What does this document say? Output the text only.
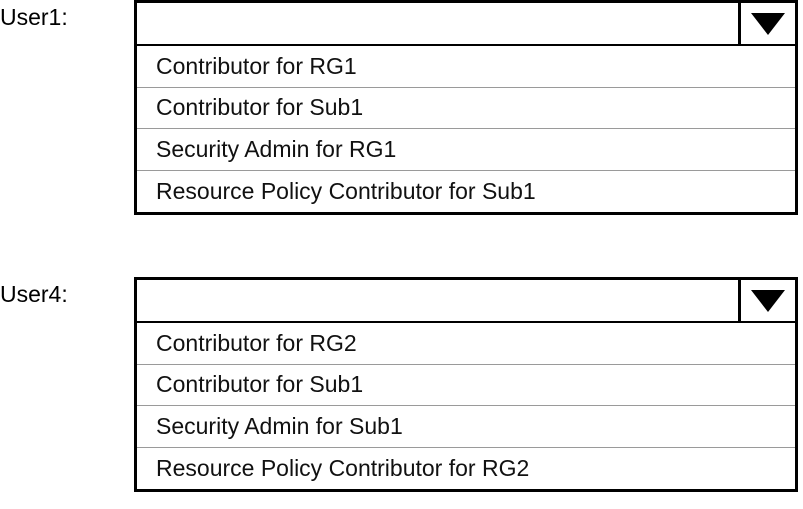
User1:
Contributor for RG1
Contributor for Sub1
Security Admin for RG1
Resource Policy Contributor for Sub1
User4:
Contributor for RG2
Contributor for Sub1
Security Admin for Sub1
Resource Policy Contributor for RG2
